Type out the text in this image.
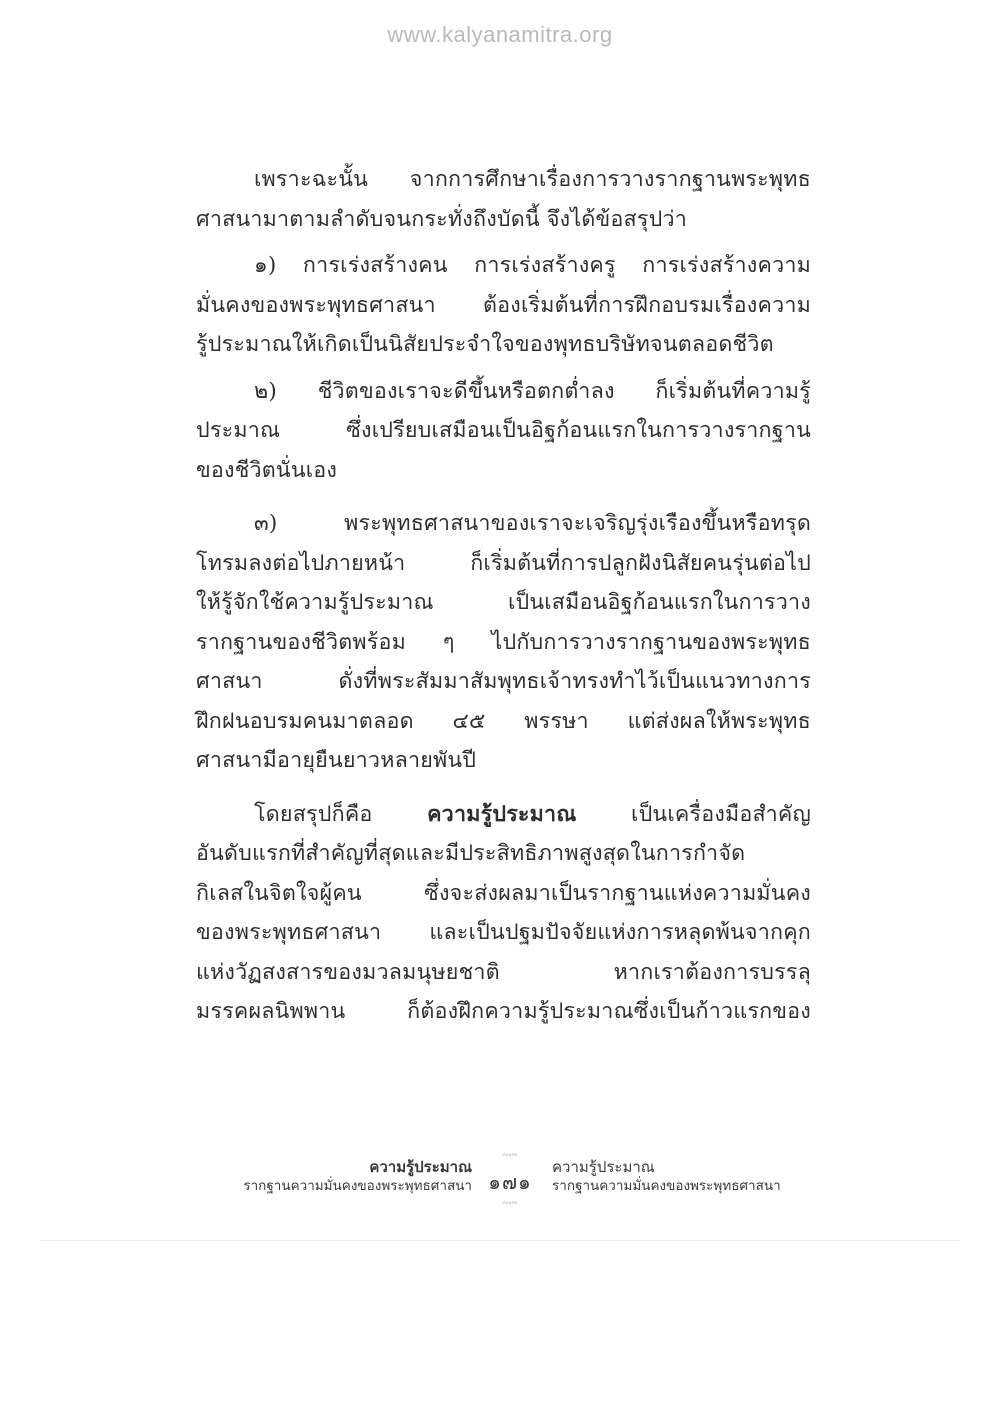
www.kalyanamitra.org
เพราะฉะนั้น จากการศึกษาเรื่องการวางรากฐานพระพุทธ
ศาสนามาตามลำดับจนกระทั่งถึงบัดนี้ จึงได้ข้อสรุปว่า
๑) การเร่งสร้างคน การเร่งสร้างครู การเร่งสร้างความ
มั่นคงของพระพุทธศาสนา ต้องเริ่มต้นที่การฝึกอบรมเรื่องความ
รู้ประมาณให้เกิดเป็นนิสัยประจำใจของพุทธบริษัทจนตลอดชีวิต
๒) ชีวิตของเราจะดีขึ้นหรือตกต่ำลง ก็เริ่มต้นที่ความรู้
ประมาณ ซึ่งเปรียบเสมือนเป็นอิฐก้อนแรกในการวางรากฐาน
ของชีวิตนั่นเอง
๓) พระพุทธศาสนาของเราจะเจริญรุ่งเรืองขึ้นหรือทรุด
โทรมลงต่อไปภายหน้า ก็เริ่มต้นที่การปลูกฝังนิสัยคนรุ่นต่อไป
ให้รู้จักใช้ความรู้ประมาณ เป็นเสมือนอิฐก้อนแรกในการวาง
รากฐานของชีวิตพร้อม ๆ ไปกับการวางรากฐานของพระพุทธ
ศาสนา ดั่งที่พระสัมมาสัมพุทธเจ้าทรงทำไว้เป็นแนวทางการ
ฝึกฝนอบรมคนมาตลอด ๔๕ พรรษา แต่ส่งผลให้พระพุทธ
ศาสนามีอายุยืนยาวหลายพันปี
โดยสรุปก็คือ ความรู้ประมาณ เป็นเครื่องมือสำคัญ
อันดับแรกที่สำคัญที่สุดและมีประสิทธิภาพสูงสุดในการกำจัด
กิเลสในจิตใจผู้คน ซึ่งจะส่งผลมาเป็นรากฐานแห่งความมั่นคง
ของพระพุทธศาสนา และเป็นปฐมปัจจัยแห่งการหลุดพ้นจากคุก
แห่งวัฏสงสารของมวลมนุษยชาติ หากเราต้องการบรรลุ
มรรคผลนิพพาน ก็ต้องฝึกความรู้ประมาณซึ่งเป็นก้าวแรกของ
ความรู้ประมาณ
รากฐานความมั่นคงของพระพุทธศาสนา
~◦~
๑๗๑
~◦~
ความรู้ประมาณ
รากฐานความมั่นคงของพระพุทธศาสนา
